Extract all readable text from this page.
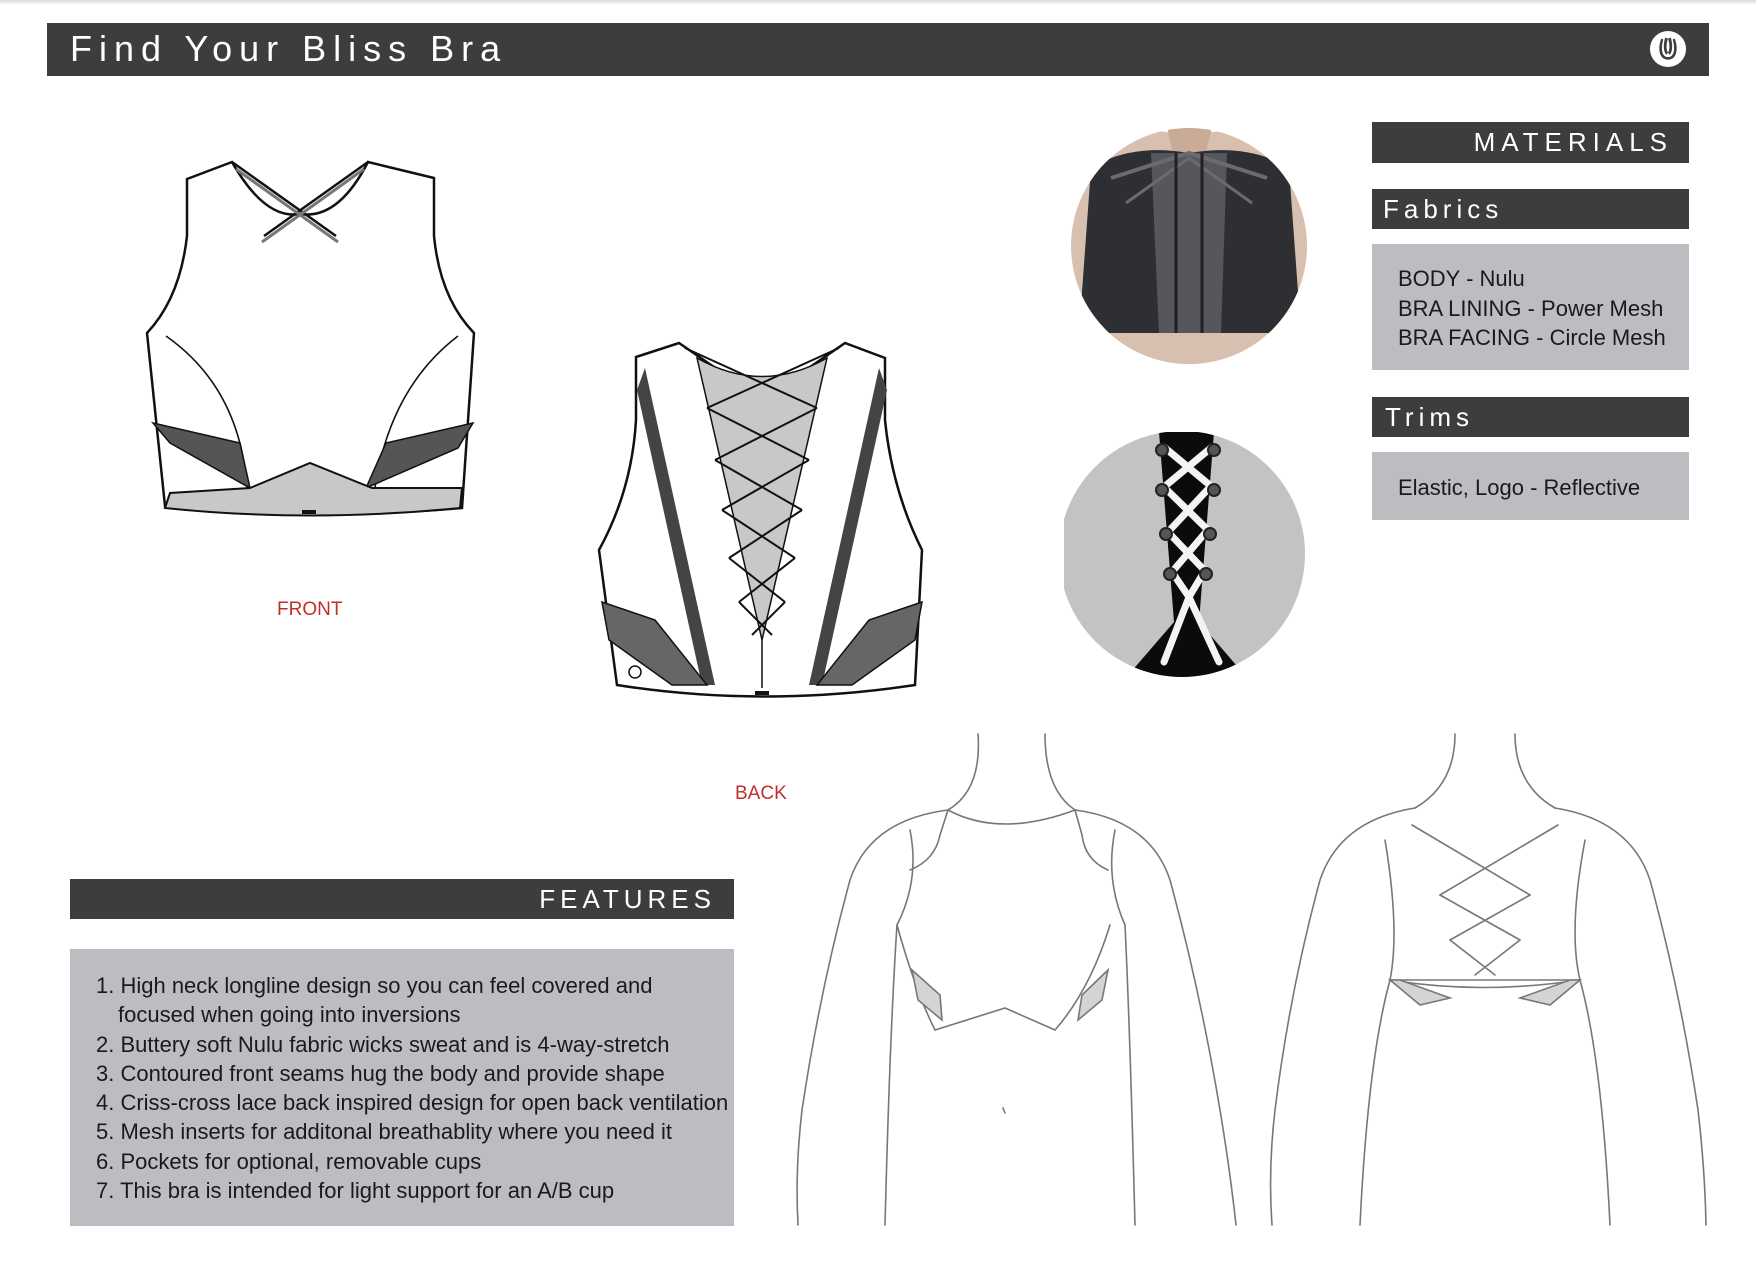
Find Your Bliss Bra
FRONT
BACK
MATERIALS
Fabrics
BODY - Nulu
BRA LINING - Power Mesh
BRA FACING - Circle Mesh
Trims
Elastic, Logo - Reflective
FEATURES
1. High neck longline design so you can feel covered and focused when going into inversions
2. Buttery soft Nulu fabric wicks sweat and is 4-way-stretch
3. Contoured front seams hug the body and provide shape
4. Criss-cross lace back inspired design for open back ventilation
5. Mesh inserts for additonal breathablity where you need it
6. Pockets for optional, removable cups
7. This bra is intended for light support for an A/B cup
